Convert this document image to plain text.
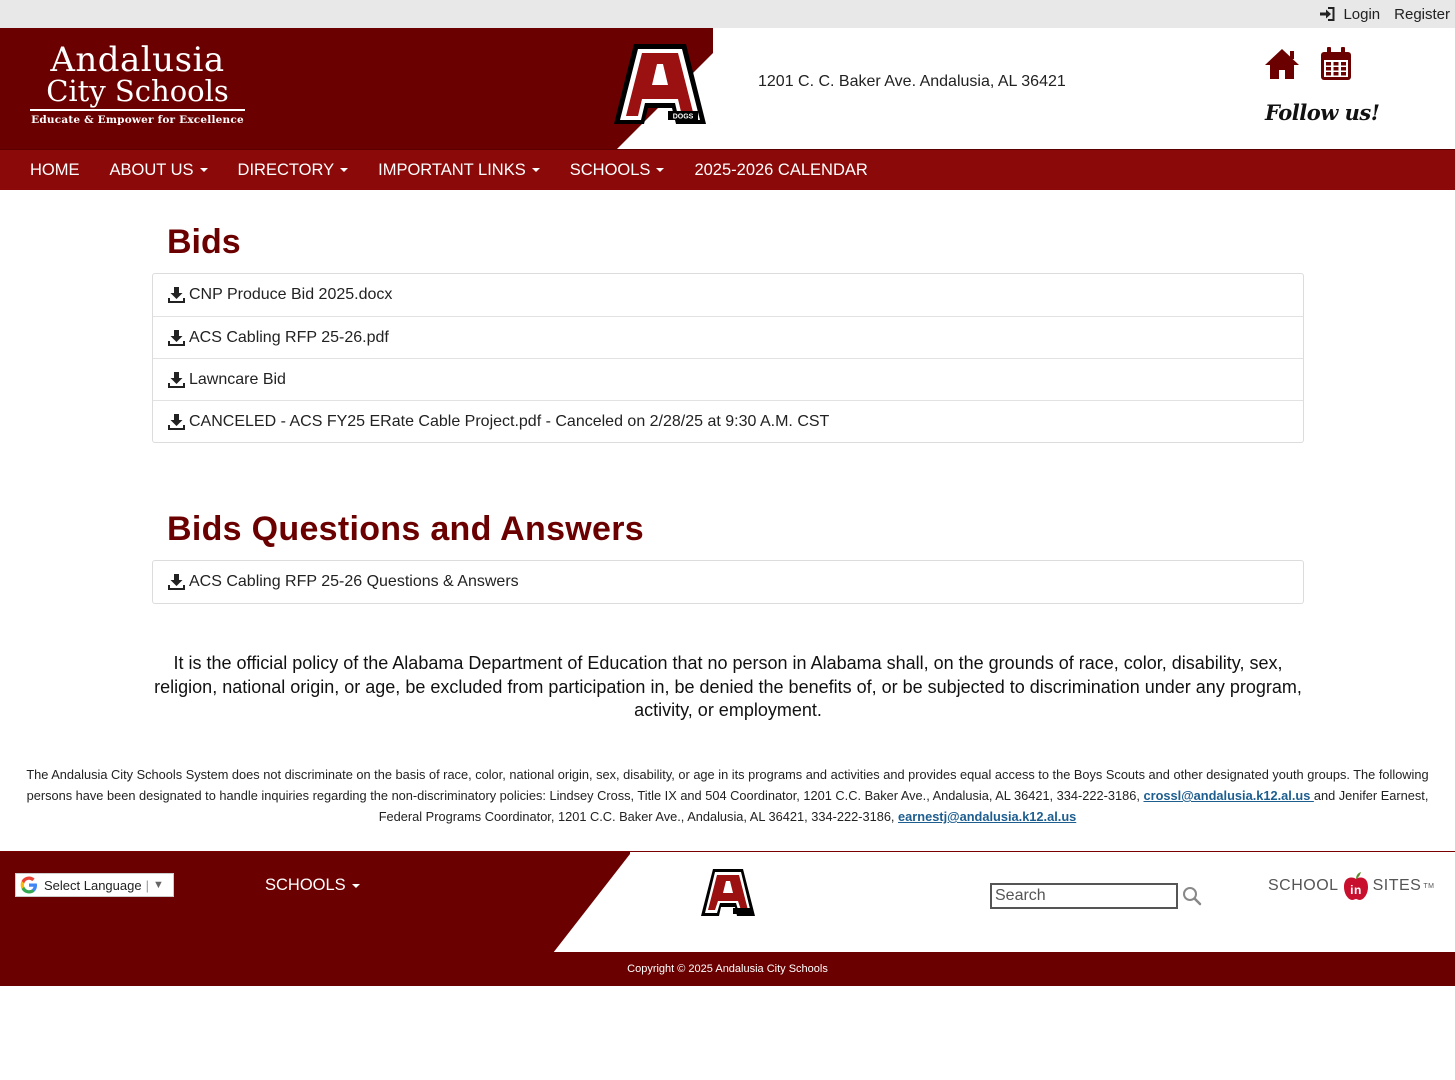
Login Register
Andalusia
City Schools
Educate & Empower for Excellence	DOGS
1201 C. C. Baker Ave. Andalusia, AL 36421
Follow us!
HOME ABOUT US	DIRECTORY	IMPORTANT LINKS	SCHOOLS	2025-2026 CALENDAR
Bids
CNP Produce Bid 2025.docx
ACS Cabling RFP 25-26.pdf
Lawncare Bid
CANCELED - ACS FY25 ERate Cable Project.pdf - Canceled on 2/28/25 at 9:30 A.M. CST
Bids Questions and Answers
ACS Cabling RFP 25-26 Questions & Answers

It is the official policy of the Alabama Department of Education that no person in Alabama shall, on the grounds of race, color, disability, sex, religion, national origin, or age, be excluded from participation in, be denied the benefits of, or be subjected to discrimination under any program, activity, or employment.

The Andalusia City Schools System does not discriminate on the basis of race, color, national origin, sex, disability, or age in its programs and activities and provides equal access to the Boys Scouts and other designated youth groups. The following persons have been designated to handle inquiries regarding the non-discriminatory policies: Lindsey Cross, Title IX and 504 Coordinator, 1201 C.C. Baker Ave., Andalusia, AL 36421, 334-222-3186, crossl@andalusia.k12.al.us and Jenifer Earnest, Federal Programs Coordinator, 1201 C.C. Baker Ave., Andalusia, AL 36421, 334-222-3186, earnestj@andalusia.k12.al.us

Select Language | ▼	SCHOOLS
Search	SCHOOL in SITES TM
Copyright © 2025 Andalusia City Schools
